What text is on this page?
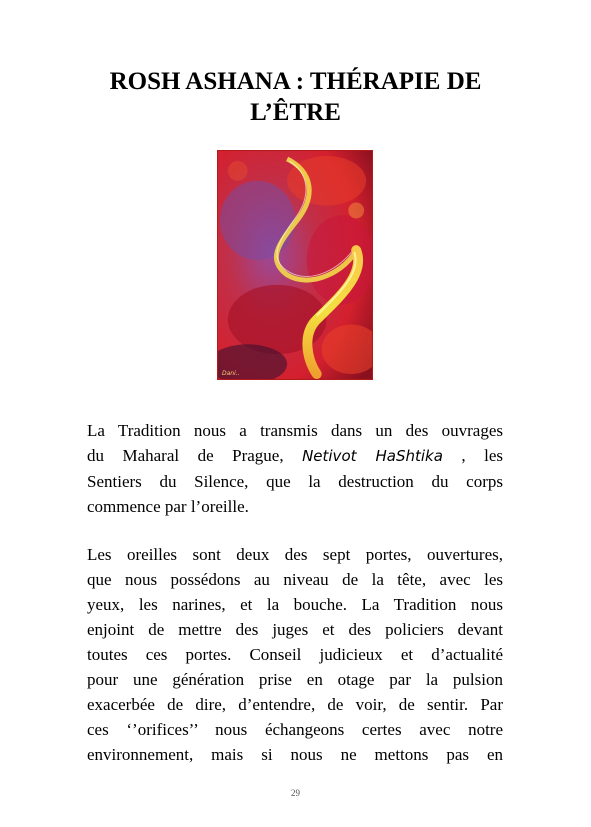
ROSH ASHANA : THÉRAPIE DE
L’ÊTRE
Dani..
La Tradition nous a transmis dans un des ouvrages
du Maharal de Prague, Netivot HaShtika , les
Sentiers du Silence, que la destruction du corps
commence par l’oreille.
Les oreilles sont deux des sept portes, ouvertures,
que nous possédons au niveau de la tête, avec les
yeux, les narines, et la bouche. La Tradition nous
enjoint de mettre des juges et des policiers devant
toutes ces portes. Conseil judicieux et d’actualité
pour une génération prise en otage par la pulsion
exacerbée de dire, d’entendre, de voir, de sentir. Par
ces ‘’orifices’’ nous échangeons certes avec notre
environnement, mais si nous ne mettons pas en
29
